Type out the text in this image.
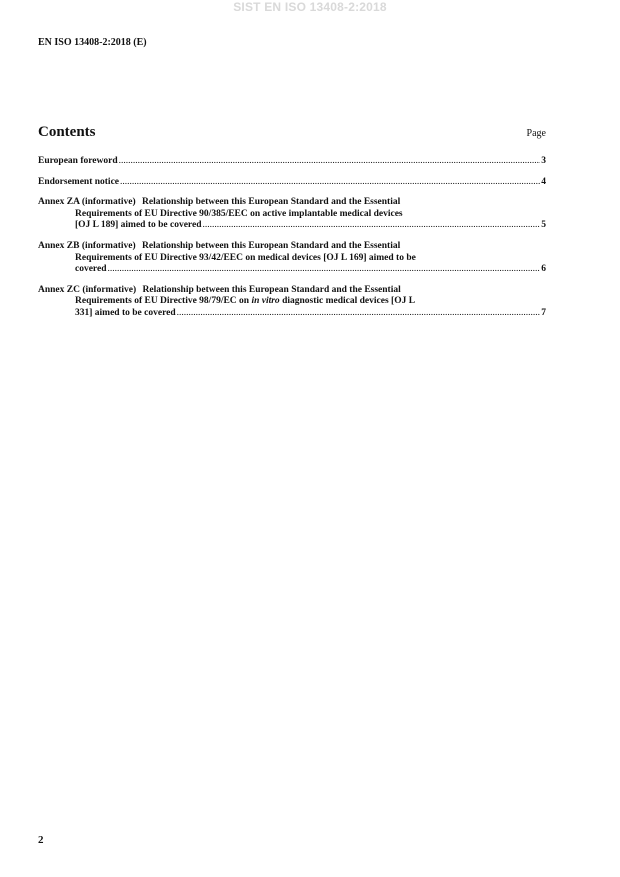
SIST EN ISO 13408-2:2018
EN ISO 13408-2:2018 (E)
Contents	Page
European foreword .....	3
Endorsement notice .....	4
Annex ZA (informative) Relationship between this European Standard and the Essential
Requirements of EU Directive 90/385/EEC on active implantable medical devices
[OJ L 189] aimed to be covered .....	5
Annex ZB (informative) Relationship between this European Standard and the Essential
Requirements of EU Directive 93/42/EEC on medical devices [OJ L 169] aimed to be
covered .....	6
Annex ZC (informative) Relationship between this European Standard and the Essential
Requirements of EU Directive 98/79/EC on in vitro diagnostic medical devices [OJ L
331] aimed to be covered .....	7
2
